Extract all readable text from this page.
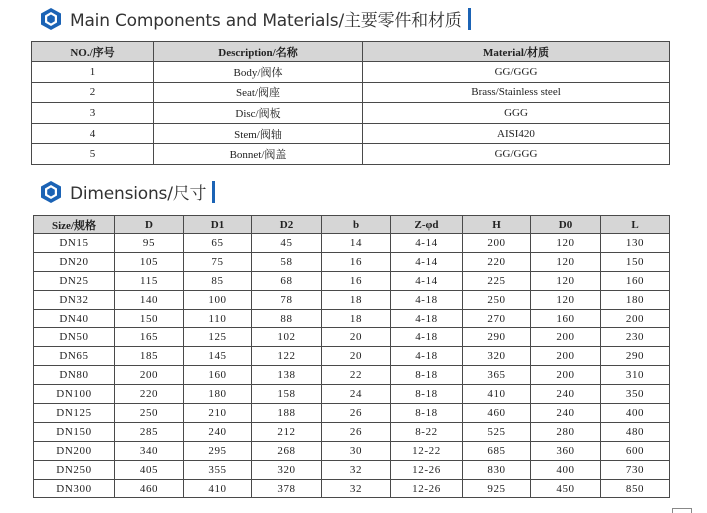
Main Components and Materials/主要零件和材质
NO./序号	Description/名称	Material/材质
1	Body/阀体	GG/GGG
2	Seat/阀座	Brass/Stainless steel
3	Disc/阀板	GGG
4	Stem/阀轴	AISI420
5	Bonnet/阀盖	GG/GGG
Dimensions/尺寸
Size/规格	D	D1	D2	b	Z-φd	H	D0	L
DN15	95	65	45	14	4-14	200	120	130
DN20	105	75	58	16	4-14	220	120	150
DN25	115	85	68	16	4-14	225	120	160
DN32	140	100	78	18	4-18	250	120	180
DN40	150	110	88	18	4-18	270	160	200
DN50	165	125	102	20	4-18	290	200	230
DN65	185	145	122	20	4-18	320	200	290
DN80	200	160	138	22	8-18	365	200	310
DN100	220	180	158	24	8-18	410	240	350
DN125	250	210	188	26	8-18	460	240	400
DN150	285	240	212	26	8-22	525	280	480
DN200	340	295	268	30	12-22	685	360	600
DN250	405	355	320	32	12-26	830	400	730
DN300	460	410	378	32	12-26	925	450	850
